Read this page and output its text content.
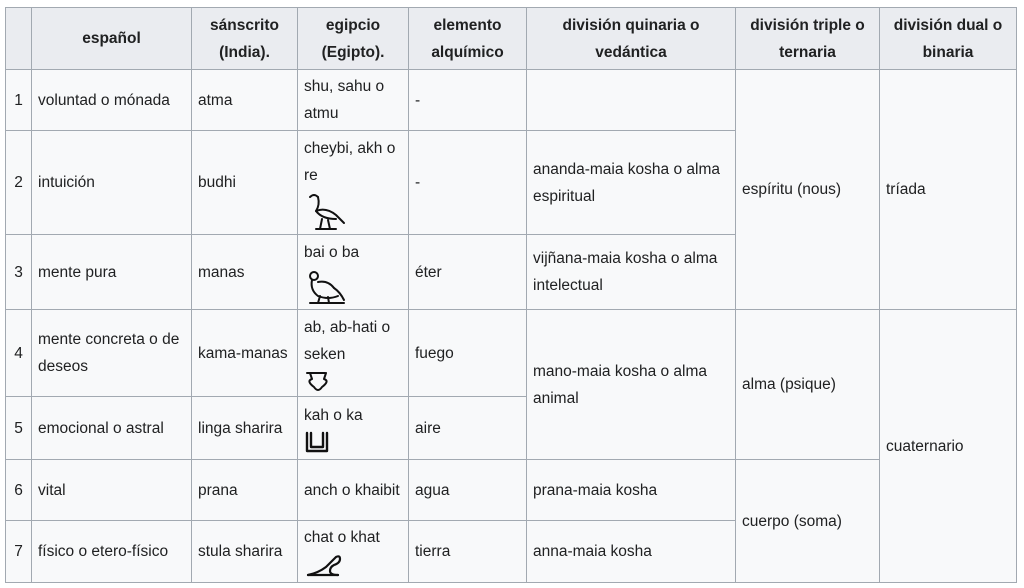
	español	sánscrito (India).	egipcio (Egipto).	elemento alquímico	división quinaria o vedántica	división triple o ternaria	división dual o binaria
1	voluntad o mónada	atma	shu, sahu o atmu	-		espíritu (nous)	tríada
2	intuición	budhi	cheybi, akh o re	-	ananda-maia kosha o alma espiritual		
3	mente pura	manas	bai o ba	éter	vijñana-maia kosha o alma intelectual		
4	mente concreta o de deseos	kama-manas	ab, ab-hati o seken	fuego	mano-maia kosha o alma animal	alma (psique)	cuaternario
5	emocional o astral	linga sharira	kah o ka	aire			
6	vital	prana	anch o khaibit	agua	prana-maia kosha	cuerpo (soma)	
7	físico o etero-físico	stula sharira	chat o khat	tierra	anna-maia kosha		
